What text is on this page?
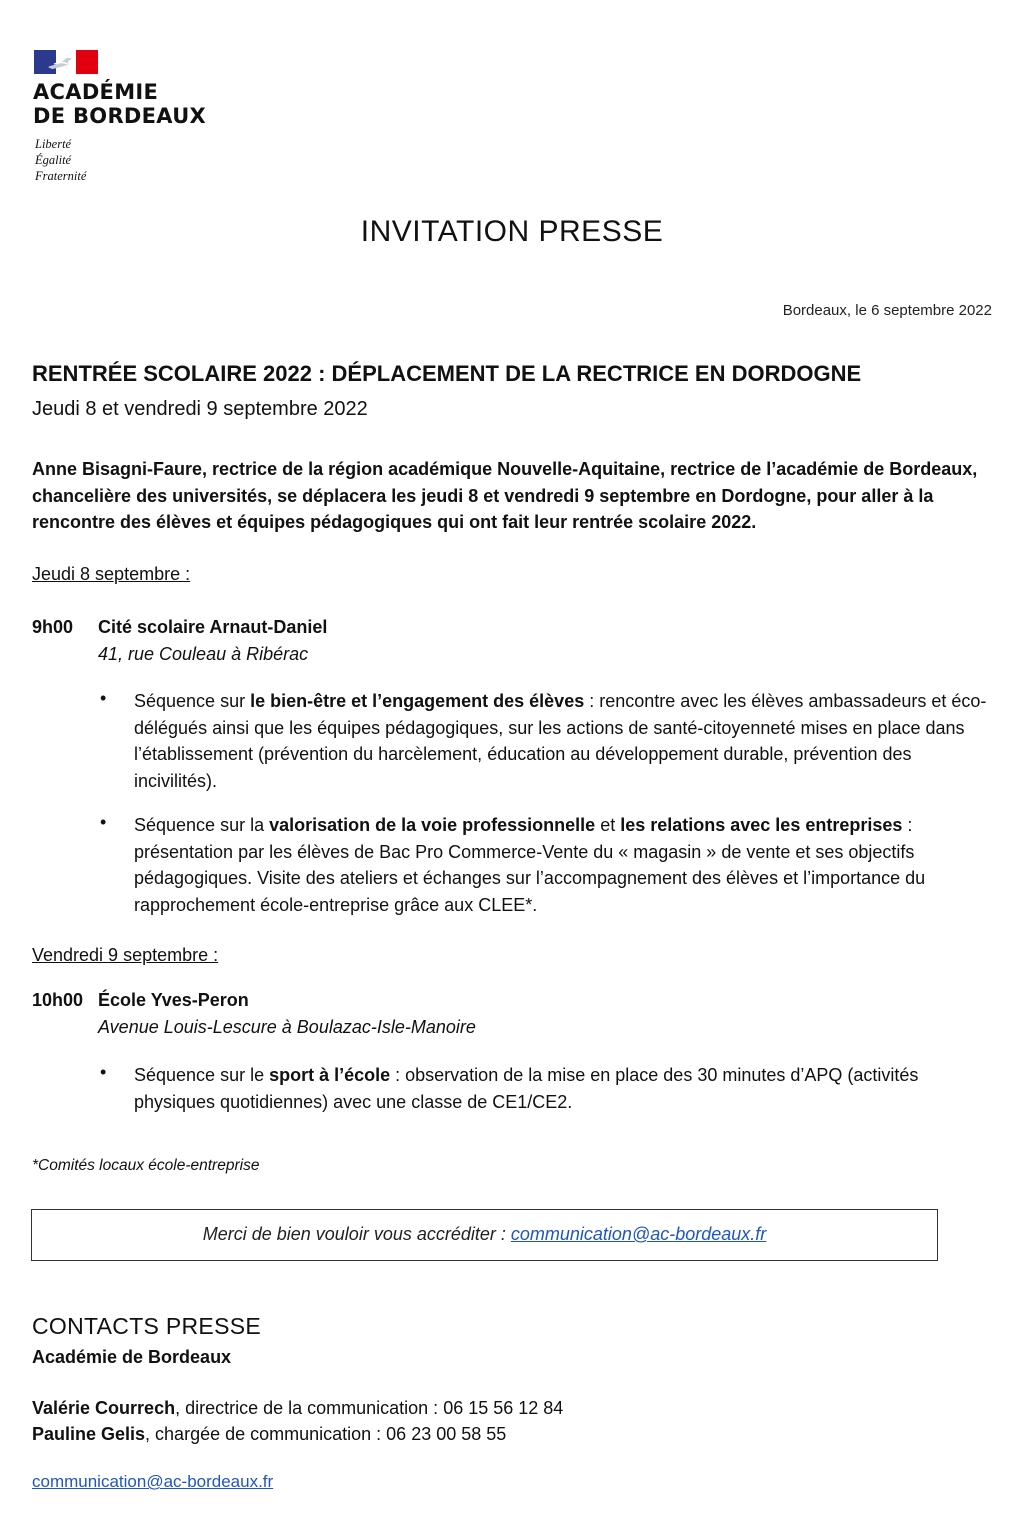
ACADÉMIE
DE BORDEAUX
Liberté
Égalité
Fraternité
INVITATION PRESSE
Bordeaux, le 6 septembre 2022
RENTRÉE SCOLAIRE 2022 : DÉPLACEMENT DE LA RECTRICE EN DORDOGNE
Jeudi 8 et vendredi 9 septembre 2022
Anne Bisagni-Faure, rectrice de la région académique Nouvelle-Aquitaine, rectrice de l’académie de Bordeaux, chancelière des universités, se déplacera les jeudi 8 et vendredi 9 septembre en Dordogne, pour aller à la rencontre des élèves et équipes pédagogiques qui ont fait leur rentrée scolaire 2022.
Jeudi 8 septembre :
9h00 Cité scolaire Arnaut-Daniel
41, rue Couleau à Ribérac
• Séquence sur le bien-être et l’engagement des élèves : rencontre avec les élèves ambassadeurs et éco-délégués ainsi que les équipes pédagogiques, sur les actions de santé-citoyenneté mises en place dans l’établissement (prévention du harcèlement, éducation au développement durable, prévention des incivilités).
• Séquence sur la valorisation de la voie professionnelle et les relations avec les entreprises : présentation par les élèves de Bac Pro Commerce-Vente du « magasin » de vente et ses objectifs pédagogiques. Visite des ateliers et échanges sur l’accompagnement des élèves et l’importance du rapprochement école-entreprise grâce aux CLEE*.
Vendredi 9 septembre :
10h00 École Yves-Peron
Avenue Louis-Lescure à Boulazac-Isle-Manoire
• Séquence sur le sport à l’école : observation de la mise en place des 30 minutes d’APQ (activités physiques quotidiennes) avec une classe de CE1/CE2.
*Comités locaux école-entreprise
Merci de bien vouloir vous accréditer : communication@ac-bordeaux.fr
CONTACTS PRESSE
Académie de Bordeaux
Valérie Courrech, directrice de la communication : 06 15 56 12 84
Pauline Gelis, chargée de communication : 06 23 00 58 55
communication@ac-bordeaux.fr
